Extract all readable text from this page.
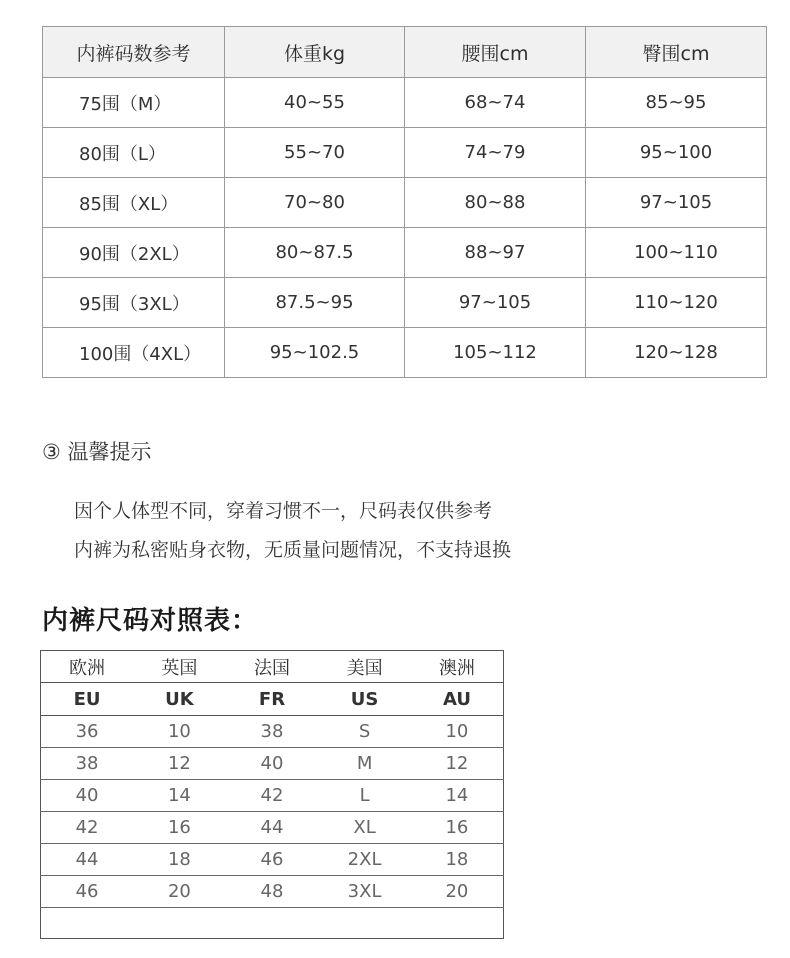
内裤码数参考	体重kg	腰围cm	臀围cm
75围（M）	40~55	68~74	85~95
80围（L）	55~70	74~79	95~100
85围（XL）	70~80	80~88	97~105
90围（2XL）	80~87.5	88~97	100~110
95围（3XL）	87.5~95	97~105	110~120
100围（4XL）	95~102.5	105~112	120~128
③ 温馨提示
因个人体型不同，穿着习惯不一，尺码表仅供参考
内裤为私密贴身衣物，无质量问题情况，不支持退换
内裤尺码对照表：
欧洲	英国	法国	美国	澳洲
EU	UK	FR	US	AU
36	10	38	S	10
38	12	40	M	12
40	14	42	L	14
42	16	44	XL	16
44	18	46	2XL	18
46	20	48	3XL	20
